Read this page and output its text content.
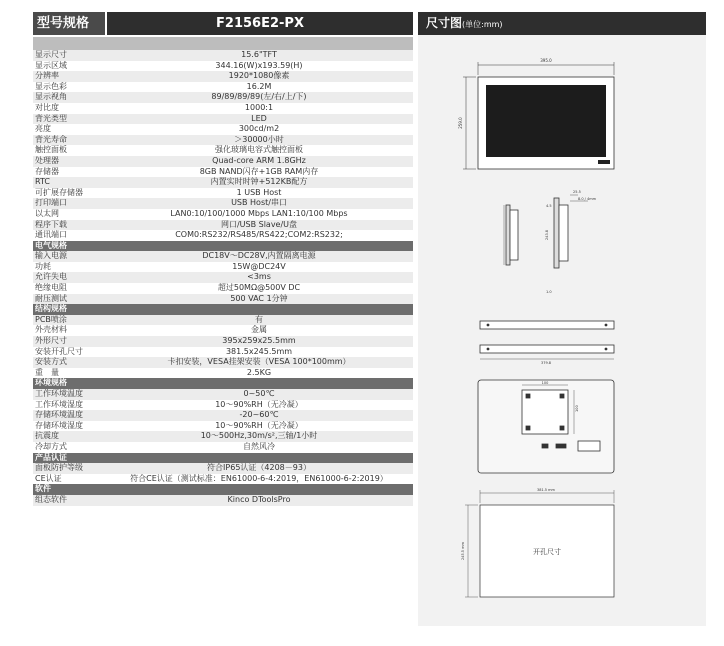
型号规格	F2156E2-PX
显示尺寸	15.6"TFT
显示区域	344.16(W)x193.59(H)
分辨率	1920*1080像素
显示色彩	16.2M
显示视角	89/89/89/89(左/右/上/下)
对比度	1000:1
背光类型	LED
亮度	300cd/m2
背光寿命	＞30000小时
触控面板	强化玻璃电容式触控面板
处理器	Quad-core ARM 1.8GHz
存储器	8GB NAND闪存+1GB RAM内存
RTC	内置实时时钟+512KB配方
可扩展存储器	1 USB Host
打印端口	USB Host/串口
以太网	LAN0:10/100/1000 Mbps LAN1:10/100 Mbps
程序下载	网口/USB Slave/U盘
通讯端口	COM0:RS232/RS485/RS422;COM2:RS232;
电气规格
输入电源	DC18V～DC28V,内置隔离电源
功耗	15W@DC24V
允许失电	<3ms
绝缘电阻	超过50MΩ@500V DC
耐压测试	500 VAC 1分钟
结构规格
PCB喷涂	有
外壳材料	金属
外形尺寸	395x259x25.5mm
安装开孔尺寸	381.5x245.5mm
安装方式	卡扣安装，VESA挂架安装（VESA 100*100mm）
重　量	2.5KG
环境规格
工作环境温度	0~50℃
工作环境湿度	10～90%RH（无冷凝）
存储环境温度	-20~60℃
存储环境湿度	10～90%RH（无冷凝）
抗震度	10～500Hz,30m/s²,三轴/1小时
冷却方式	自然风冷
产品认证
面板防护等级	符合IP65认证（4208－93）
CE认证	符合CE认证（测试标准：EN61000-6-4:2019，EN61000-6-2:2019）
软件
组态软件	Kinco DToolsPro
尺寸图(单位:mm)
395.0
259.0
25.5
8.0 / 4mm
4.5
243.8
1.0
379.8
100
100
381.5 mm
245.5 mm	开孔尺寸
